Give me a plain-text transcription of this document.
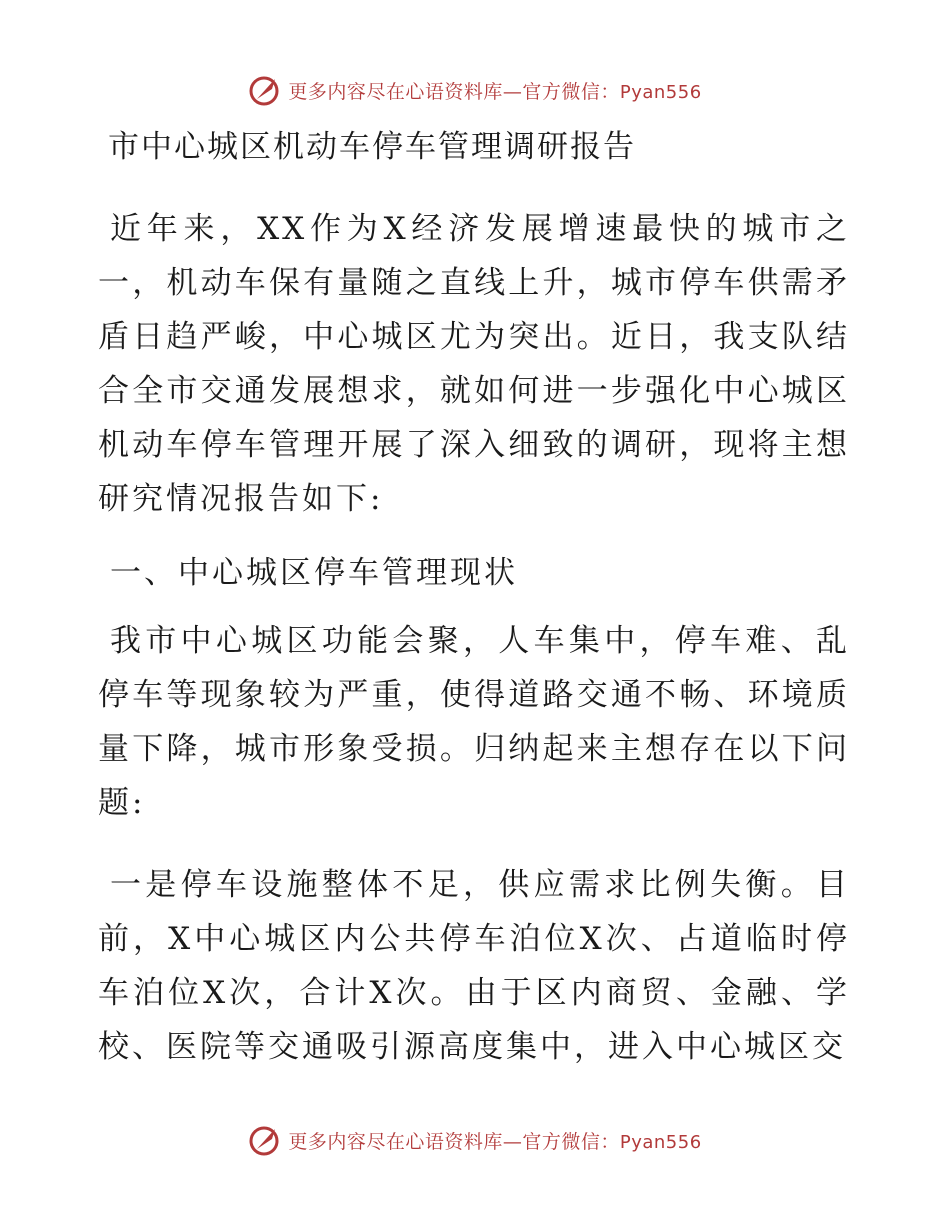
更多内容尽在心语资料库—官方微信：Pyan556
市中心城区机动车停车管理调研报告

近年来，XX作为X经济发展增速最快的城市之一，机动车保有量随之直线上升，城市停车供需矛盾日趋严峻，中心城区尤为突出。近日，我支队结合全市交通发展想求，就如何进一步强化中心城区机动车停车管理开展了深入细致的调研，现将主想研究情况报告如下:

一、中心城区停车管理现状

我市中心城区功能会聚，人车集中，停车难、乱停车等现象较为严重，使得道路交通不畅、环境质量下降，城市形象受损。归纳起来主想存在以下问题:

一是停车设施整体不足，供应需求比例失衡。目前，X中心城区内公共停车泊位X次、占道临时停车泊位X次，合计X次。由于区内商贸、金融、学校、医院等交通吸引源高度集中，进入中心城区交

更多内容尽在心语资料库—官方微信：Pyan556
